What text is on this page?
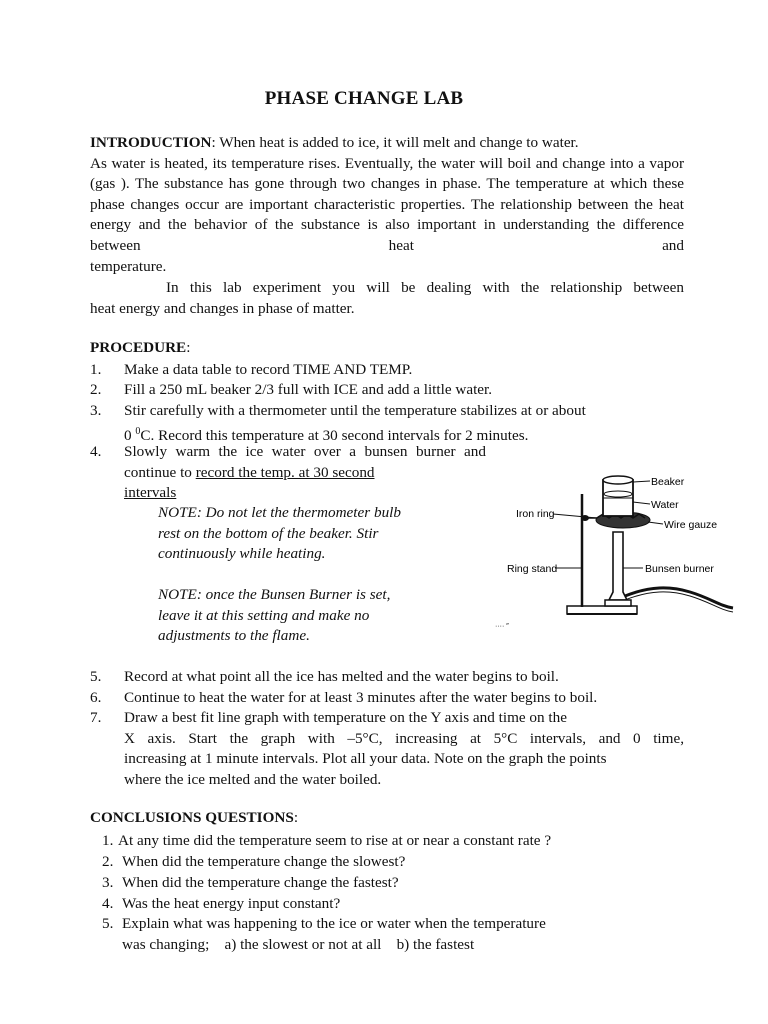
PHASE CHANGE LAB
INTRODUCTION: When heat is added to ice, it will melt and change to water.
As water is heated, its temperature rises. Eventually, the water will boil and change into a vapor (gas ). The substance has gone through two changes in phase. The temperature at which these phase changes occur are important characteristic properties. The relationship between the heat energy and the behavior of the substance is also important in understanding the difference between heat and
temperature.
In this lab experiment you will be dealing with the relationship between
heat energy and changes in phase of matter.
PROCEDURE:
1.	Make a data table to record TIME AND TEMP.
2.	Fill a 250 mL beaker 2/3 full with ICE and add a little water.
3.	Stir carefully with a thermometer until the temperature stabilizes at or about
0 $^0$C. Record this temperature at 30 second intervals for 2 minutes.
4.	Slowly warm the ice water over a bunsen burner and continue to record the temp. at 30 second
intervals
NOTE: Do not let the thermometer bulb
rest on the bottom of the beaker. Stir
continuously while heating.
NOTE: once the Bunsen Burner is set,
leave it at this setting and make no
adjustments to the flame.
Beaker
Water
Wire gauze
Iron ring
Ring stand	Bunsen burner
···· ″
5.	Record at what point all the ice has melted and the water begins to boil.
6.	Continue to heat the water for at least 3 minutes after the water begins to boil.
7.	Draw a best fit line graph with temperature on the Y axis and time on the
X axis. Start the graph with –5°C, increasing at 5°C intervals, and 0 time,
increasing at 1 minute intervals. Plot all your data. Note on the graph the points
where the ice melted and the water boiled.
CONCLUSIONS QUESTIONS:
1. At any time did the temperature seem to rise at or near a constant rate ?
2. When did the temperature change the slowest?
3. When did the temperature change the fastest?
4. Was the heat energy input constant?
5. Explain what was happening to the ice or water when the temperature
was changing;    a) the slowest or not at all    b) the fastest
